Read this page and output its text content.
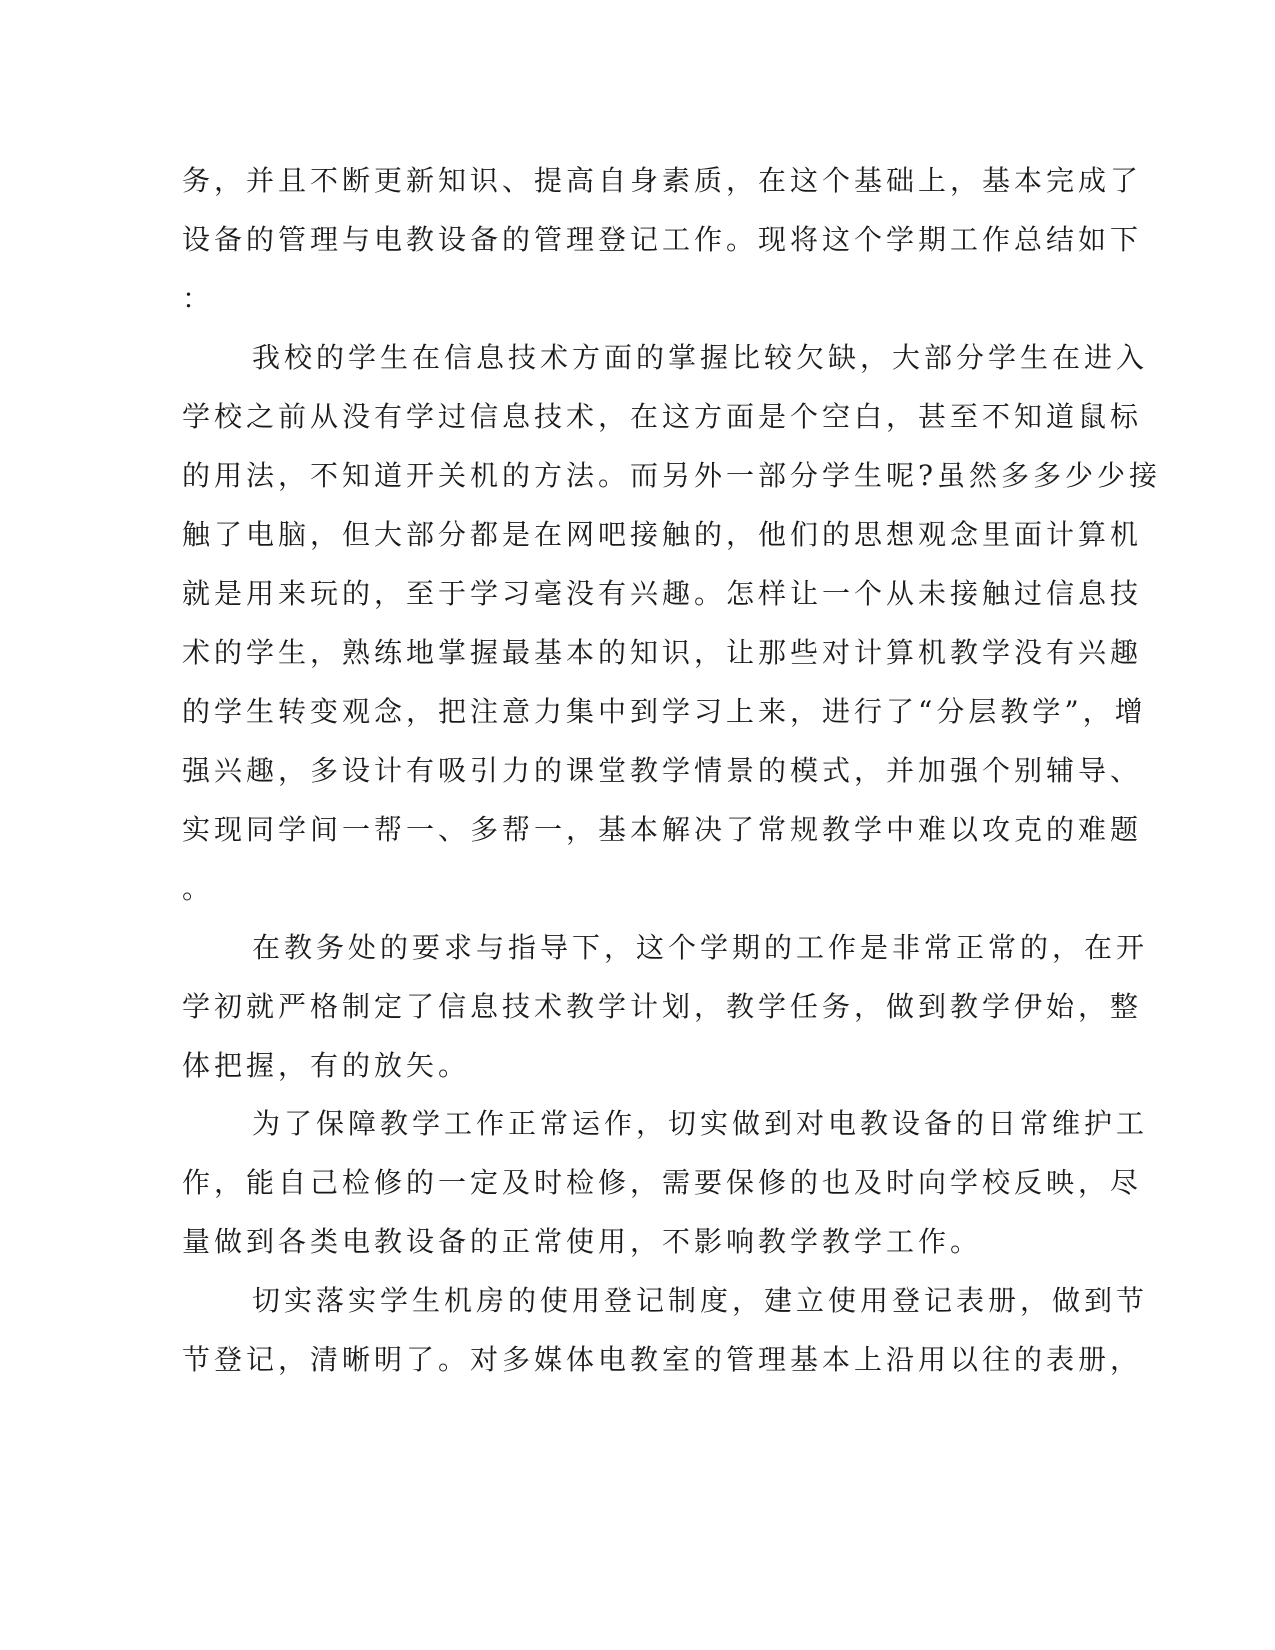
务，并且不断更新知识、提高自身素质，在这个基础上，基本完成了
设备的管理与电教设备的管理登记工作。现将这个学期工作总结如下
：
我校的学生在信息技术方面的掌握比较欠缺，大部分学生在进入
学校之前从没有学过信息技术，在这方面是个空白，甚至不知道鼠标
的用法，不知道开关机的方法。而另外一部分学生呢?虽然多多少少接
触了电脑，但大部分都是在网吧接触的，他们的思想观念里面计算机
就是用来玩的，至于学习毫没有兴趣。怎样让一个从未接触过信息技
术的学生，熟练地掌握最基本的知识，让那些对计算机教学没有兴趣
的学生转变观念，把注意力集中到学习上来，进行了“分层教学”，增
强兴趣，多设计有吸引力的课堂教学情景的模式，并加强个别辅导、
实现同学间一帮一、多帮一，基本解决了常规教学中难以攻克的难题
。
在教务处的要求与指导下，这个学期的工作是非常正常的，在开
学初就严格制定了信息技术教学计划，教学任务，做到教学伊始，整
体把握，有的放矢。
为了保障教学工作正常运作，切实做到对电教设备的日常维护工
作，能自己检修的一定及时检修，需要保修的也及时向学校反映，尽
量做到各类电教设备的正常使用，不影响教学教学工作。
切实落实学生机房的使用登记制度，建立使用登记表册，做到节
节登记，清晰明了。对多媒体电教室的管理基本上沿用以往的表册，
